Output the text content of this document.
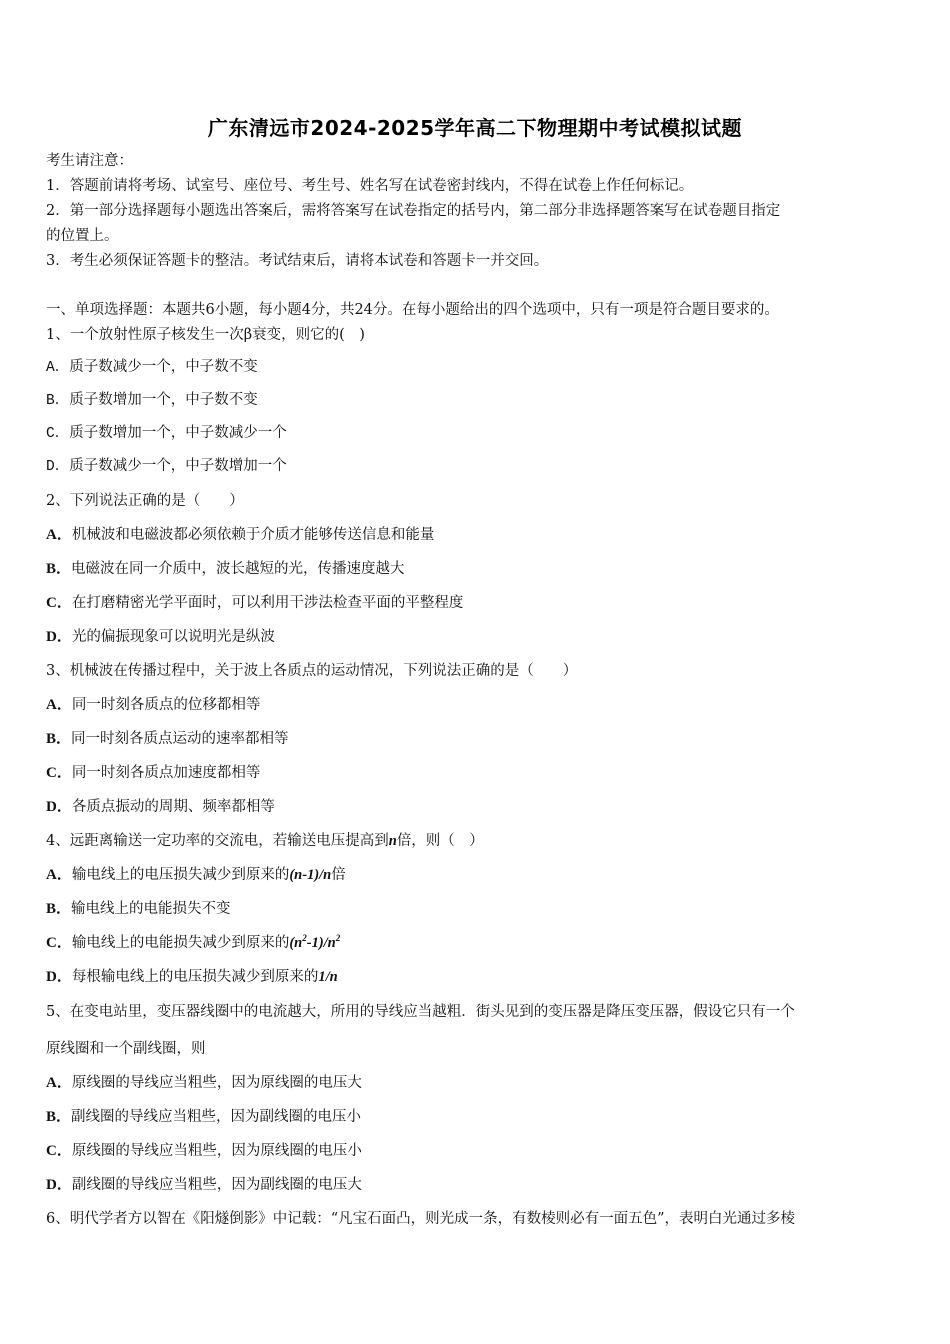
广东清远市2024-2025学年高二下物理期中考试模拟试题
考生请注意：
1．答题前请将考场、试室号、座位号、考生号、姓名写在试卷密封线内，不得在试卷上作任何标记。
2．第一部分选择题每小题选出答案后，需将答案写在试卷指定的括号内，第二部分非选择题答案写在试卷题目指定
的位置上。
3．考生必须保证答题卡的整洁。考试结束后，请将本试卷和答题卡一并交回。
一、单项选择题：本题共6小题，每小题4分，共24分。在每小题给出的四个选项中，只有一项是符合题目要求的。
1、一个放射性原子核发生一次β衰变，则它的(　)
A．质子数减少一个，中子数不变
B．质子数增加一个，中子数不变
C．质子数增加一个，中子数减少一个
D．质子数减少一个，中子数增加一个
2、下列说法正确的是（　　）
A．机械波和电磁波都必须依赖于介质才能够传送信息和能量
B．电磁波在同一介质中，波长越短的光，传播速度越大
C．在打磨精密光学平面时，可以利用干涉法检查平面的平整程度
D．光的偏振现象可以说明光是纵波
3、机械波在传播过程中，关于波上各质点的运动情况，下列说法正确的是（　　）
A．同一时刻各质点的位移都相等
B．同一时刻各质点运动的速率都相等
C．同一时刻各质点加速度都相等
D．各质点振动的周期、频率都相等
4、远距离输送一定功率的交流电，若输送电压提高到n倍，则（　）
A．输电线上的电压损失减少到原来的(n-1)/n倍
B．输电线上的电能损失不变
C．输电线上的电能损失减少到原来的$(n^2-1)/n^2$
D．每根输电线上的电压损失减少到原来的1/n
5、在变电站里，变压器线圈中的电流越大，所用的导线应当越粗．街头见到的变压器是降压变压器，假设它只有一个
原线圈和一个副线圈，则
A．原线圈的导线应当粗些，因为原线圈的电压大
B．副线圈的导线应当粗些，因为副线圈的电压小
C．原线圈的导线应当粗些，因为原线圈的电压小
D．副线圈的导线应当粗些，因为副线圈的电压大
6、明代学者方以智在《阳燧倒影》中记载：“凡宝石面凸，则光成一条，有数棱则必有一面五色”，表明白光通过多棱
